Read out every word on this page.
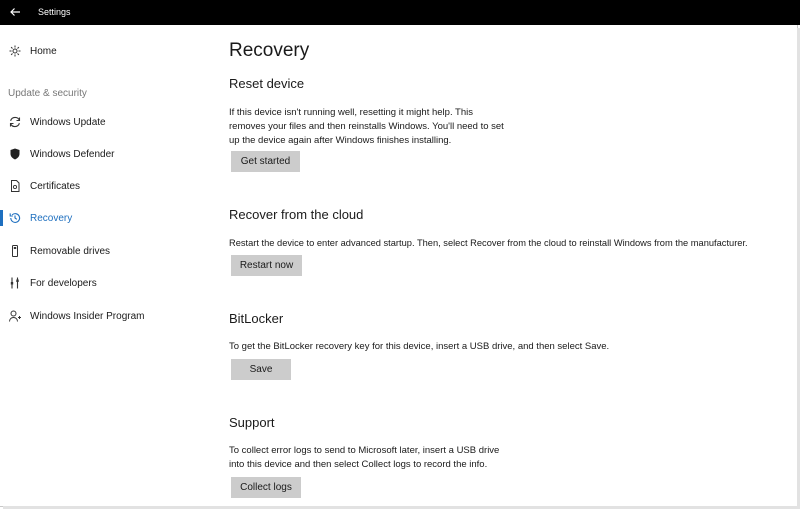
Settings
Home
Update & security
Windows Update
Windows Defender
Certificates
Recovery
Removable drives
For developers
Windows Insider Program
Recovery
Reset device
If this device isn't running well, resetting it might help. This
removes your files and then reinstalls Windows. You'll need to set
up the device again after Windows finishes installing.
Get started
Recover from the cloud
Restart the device to enter advanced startup. Then, select Recover from the cloud to reinstall Windows from the manufacturer.
Restart now
BitLocker
To get the BitLocker recovery key for this device, insert a USB drive, and then select Save.
Save
Support
To collect error logs to send to Microsoft later, insert a USB drive
into this device and then select Collect logs to record the info.
Collect logs
